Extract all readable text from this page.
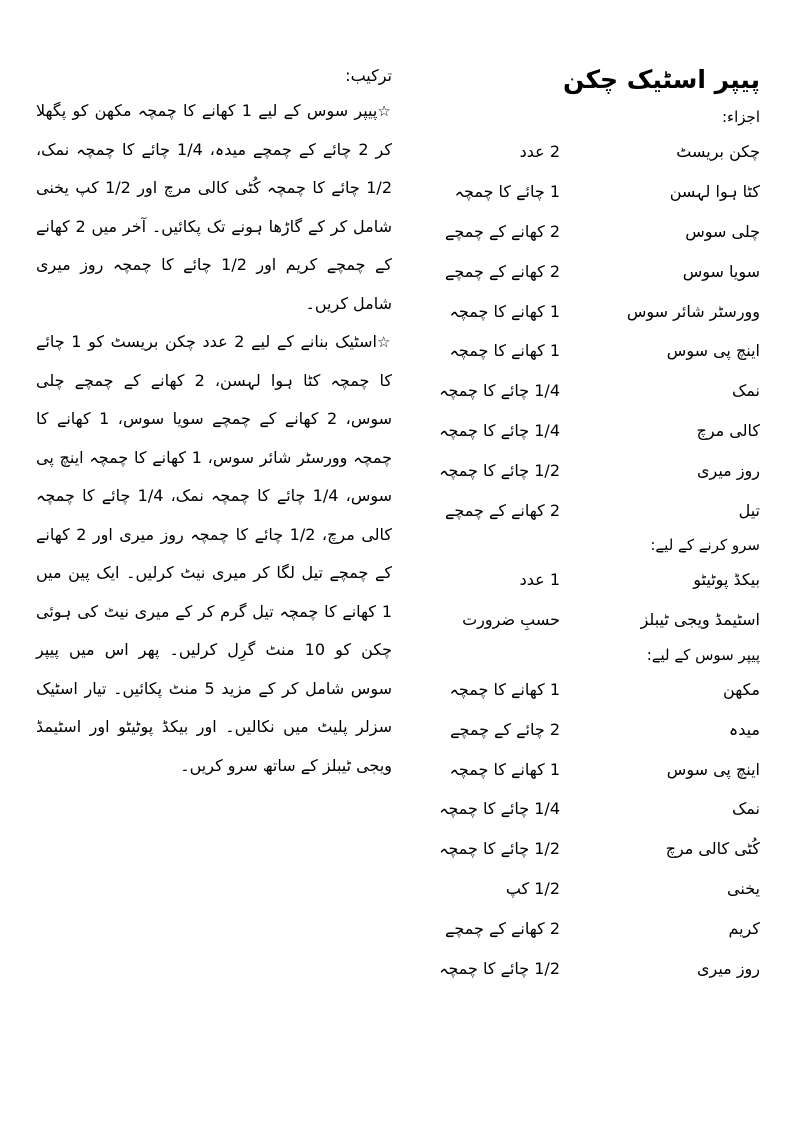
پیپر اسٹیک چکن
اجزاء:
چکن بریسٹ
2 عدد
کٹا ہوا لہسن
1 چائے کا چمچہ
چلی سوس
2 کھانے کے چمچے
سویا سوس
2 کھانے کے چمچے
وورسٹر شائر سوس
1 کھانے کا چمچہ
اینچ پی سوس
1 کھانے کا چمچہ
نمک
1/4 چائے کا چمچہ
کالی مرچ
1/4 چائے کا چمچہ
روز میری
1/2 چائے کا چمچہ
تیل
2 کھانے کے چمچے
سرو کرنے کے لیے:
بیکڈ پوٹیٹو
1 عدد
اسٹیمڈ ویجی ٹیبلز
حسبِ ضرورت
پیپر سوس کے لیے:
مکھن
1 کھانے کا چمچہ
میدہ
2 چائے کے چمچے
اینچ پی سوس
1 کھانے کا چمچہ
نمک
1/4 چائے کا چمچہ
کُٹی کالی مرچ
1/2 چائے کا چمچہ
یخنی
1/2 کپ
کریم
2 کھانے کے چمچے
روز میری
1/2 چائے کا چمچہ
ترکیب:

☆پیپر سوس کے لیے 1 کھانے کا چمچہ مکھن کو پگھلا کر 2 چائے کے چمچے میدہ، 1/4 چائے کا چمچہ نمک، 1/2 چائے کا چمچہ کُٹی کالی مرچ اور 1/2 کپ یخنی شامل کر کے گاڑھا ہونے تک پکائیں۔ آخر میں 2 کھانے کے چمچے کریم اور 1/2 چائے کا چمچہ روز میری شامل کریں۔

☆اسٹیک بنانے کے لیے 2 عدد چکن بریسٹ کو 1 چائے کا چمچہ کٹا ہوا لہسن، 2 کھانے کے چمچے چلی سوس، 2 کھانے کے چمچے سویا سوس، 1 کھانے کا چمچہ وورسٹر شائر سوس، 1 کھانے کا چمچہ اینچ پی سوس، 1/4 چائے کا چمچہ نمک، 1/4 چائے کا چمچہ کالی مرچ، 1/2 چائے کا چمچہ روز میری اور 2 کھانے کے چمچے تیل لگا کر میری نیٹ کرلیں۔ ایک پین میں 1 کھانے کا چمچہ تیل گرم کر کے میری نیٹ کی ہوئی چکن کو 10 منٹ گرِل کرلیں۔ پھر اس میں پیپر سوس شامل کر کے مزید 5 منٹ پکائیں۔ تیار اسٹیک سزلر پلیٹ میں نکالیں۔ اور بیکڈ پوٹیٹو اور اسٹیمڈ ویجی ٹیبلز کے ساتھ سرو کریں۔
